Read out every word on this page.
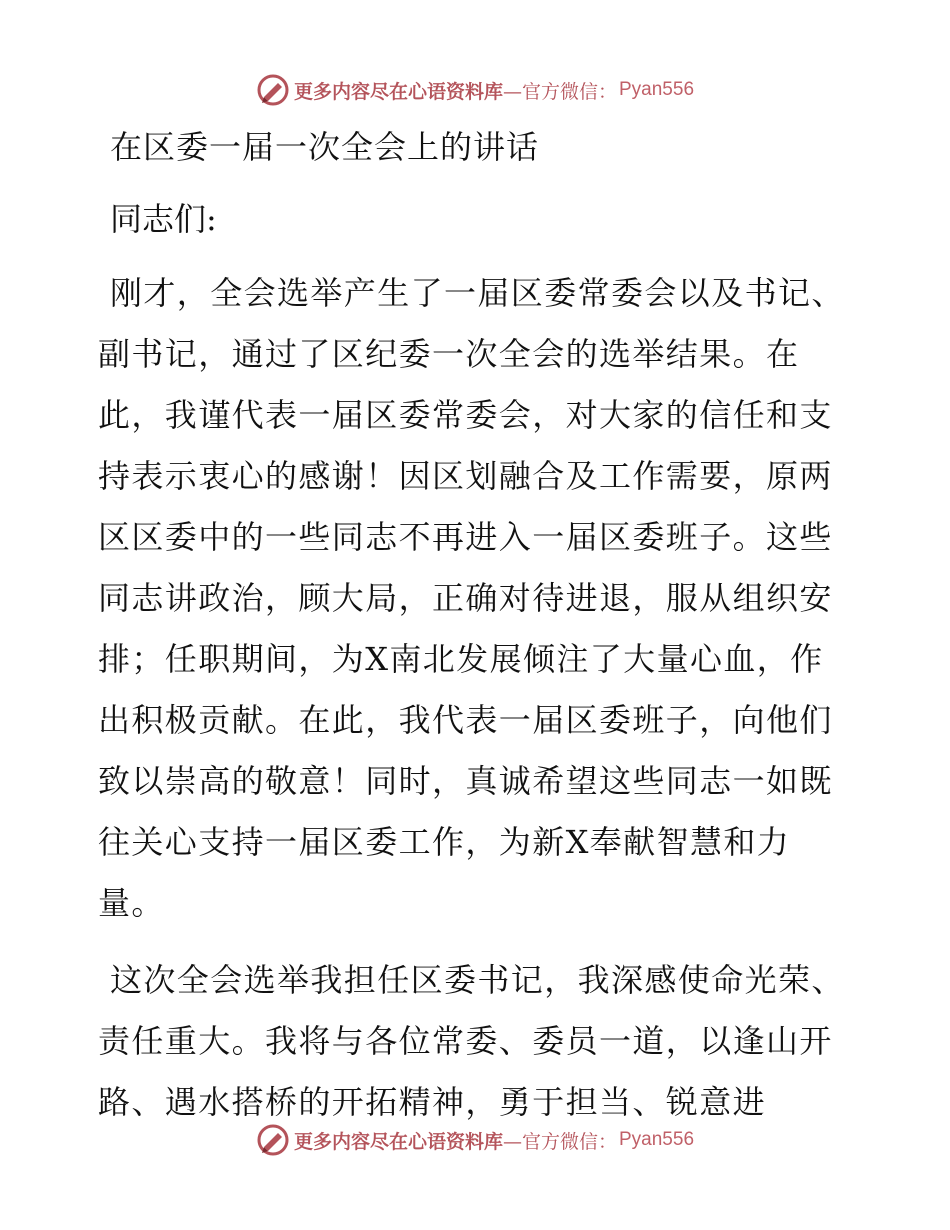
更多内容尽在心语资料库 —官方微信： Pyan556
在区委一届一次全会上的讲话
同志们:
刚才，全会选举产生了一届区委常委会以及书记、副书记，通过了区纪委一次全会的选举结果。在此，我谨代表一届区委常委会，对大家的信任和支持表示衷心的感谢！因区划融合及工作需要，原两区区委中的一些同志不再进入一届区委班子。这些同志讲政治，顾大局，正确对待进退，服从组织安排；任职期间，为X南北发展倾注了大量心血，作出积极贡献。在此，我代表一届区委班子，向他们致以崇高的敬意！同时，真诚希望这些同志一如既往关心支持一届区委工作，为新X奉献智慧和力量。
这次全会选举我担任区委书记，我深感使命光荣、责任重大。我将与各位常委、委员一道，以逢山开路、遇水搭桥的开拓精神，勇于担当、锐意进
更多内容尽在心语资料库 —官方微信： Pyan556
